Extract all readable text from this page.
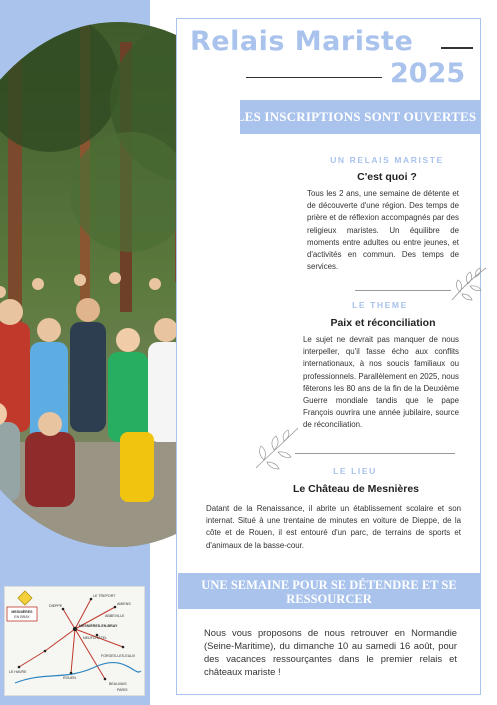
Relais Mariste
2025
LES INSCRIPTIONS SONT OUVERTES !
UN RELAIS MARISTE
C'est quoi ?
Tous les 2 ans, une semaine de détente et de découverte d'une région. Des temps de prière et de réflexion accompagnés par des religieux maristes. Un équilibre de moments entre adultes ou entre jeunes, et d'activités en commun. Des temps de services.
LE THEME
Paix et réconciliation
Le sujet ne devrait pas manquer de nous interpeller, qu'il fasse écho aux conflits internationaux, à nos soucis familiaux ou professionnels. Parallèlement en 2025, nous fêterons les 80 ans de la fin de la Deuxième Guerre mondiale tandis que le pape François ouvrira une année jubilaire, source de réconciliation.
LE LIEU
Le Château de Mesnières
Datant de la Renaissance, il abrite un établissement scolaire et son internat. Situé à une trentaine de minutes en voiture de Dieppe, de la côte et de Rouen, il est entouré d'un parc, de terrains de sports et d'animaux de la basse-cour.
UNE SEMAINE POUR SE DÉTENDRE ET SE
RESSOURCER
Nous vous proposons de nous retrouver en Normandie (Seine-Maritime), du dimanche 10 au samedi 16 août, pour des vacances ressourçantes dans le premier relais et châteaux mariste !
MESNIÈRES
EN BRAY
LE TREPORT
DIEPPE
NEUFCHÂTEL
MESNIÈRES-EN-BRAY
ROUEN
FORGES-LES-EAUX
AMIENS
ABBEVILLE
BEAUVAIS
LE HAVRE
PARIS
